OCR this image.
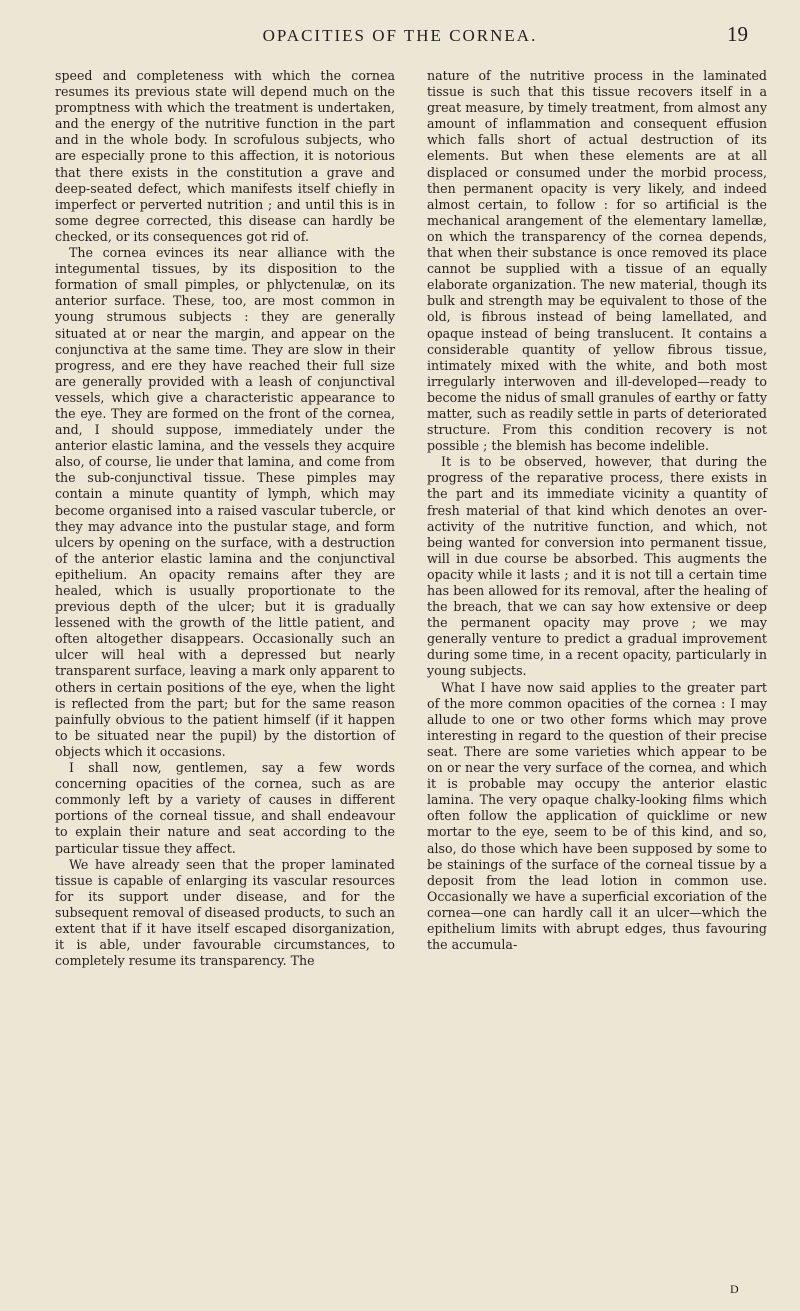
OPACITIES OF THE CORNEA.	19

speed and completeness with which the cornea resumes its previous state will depend much on the promptness with which the treatment is undertaken, and the energy of the nutritive function in the part and in the whole body. In scrofulous subjects, who are especially prone to this affection, it is notorious that there exists in the constitution a grave and deep-seated defect, which manifests itself chiefly in imperfect or perverted nutrition ; and until this is in some degree corrected, this disease can hardly be checked, or its consequences got rid of.

The cornea evinces its near alliance with the integumental tissues, by its disposition to the formation of small pimples, or phlyctenulæ, on its anterior surface. These, too, are most common in young strumous subjects : they are generally situated at or near the margin, and appear on the conjunctiva at the same time. They are slow in their progress, and ere they have reached their full size are generally provided with a leash of conjunctival vessels, which give a characteristic appearance to the eye. They are formed on the front of the cornea, and, I should suppose, immediately under the anterior elastic lamina, and the vessels they acquire also, of course, lie under that lamina, and come from the sub-conjunctival tissue. These pimples may contain a minute quantity of lymph, which may become organised into a raised vascular tubercle, or they may advance into the pustular stage, and form ulcers by opening on the surface, with a destruction of the anterior elastic lamina and the conjunctival epithelium. An opacity remains after they are healed, which is usually proportionate to the previous depth of the ulcer; but it is gradually lessened with the growth of the little patient, and often altogether disappears. Occasionally such an ulcer will heal with a depressed but nearly transparent surface, leaving a mark only apparent to others in certain positions of the eye, when the light is reflected from the part; but for the same reason painfully obvious to the patient himself (if it happen to be situated near the pupil) by the distortion of objects which it occasions.

I shall now, gentlemen, say a few words concerning opacities of the cornea, such as are commonly left by a variety of causes in different portions of the corneal tissue, and shall endeavour to explain their nature and seat according to the particular tissue they affect.

We have already seen that the proper laminated tissue is capable of enlarging its vascular resources for its support under disease, and for the subsequent removal of diseased products, to such an extent that if it have itself escaped disorganization, it is able, under favourable circumstances, to completely resume its transparency. The

nature of the nutritive process in the laminated tissue is such that this tissue recovers itself in a great measure, by timely treatment, from almost any amount of inflammation and consequent effusion which falls short of actual destruction of its elements. But when these elements are at all displaced or consumed under the morbid process, then permanent opacity is very likely, and indeed almost certain, to follow : for so artificial is the mechanical arangement of the elementary lamellæ, on which the transparency of the cornea depends, that when their substance is once removed its place cannot be supplied with a tissue of an equally elaborate organization. The new material, though its bulk and strength may be equivalent to those of the old, is fibrous instead of being lamellated, and opaque instead of being translucent. It contains a considerable quantity of yellow fibrous tissue, intimately mixed with the white, and both most irregularly interwoven and ill-developed—ready to become the nidus of small granules of earthy or fatty matter, such as readily settle in parts of deteriorated structure. From this condition recovery is not possible ; the blemish has become indelible.

It is to be observed, however, that during the progress of the reparative process, there exists in the part and its immediate vicinity a quantity of fresh material of that kind which denotes an over-activity of the nutritive function, and which, not being wanted for conversion into permanent tissue, will in due course be absorbed. This augments the opacity while it lasts ; and it is not till a certain time has been allowed for its removal, after the healing of the breach, that we can say how extensive or deep the permanent opacity may prove ; we may generally venture to predict a gradual improvement during some time, in a recent opacity, particularly in young subjects.

What I have now said applies to the greater part of the more common opacities of the cornea : I may allude to one or two other forms which may prove interesting in regard to the question of their precise seat. There are some varieties which appear to be on or near the very surface of the cornea, and which it is probable may occupy the anterior elastic lamina. The very opaque chalky-looking films which often follow the application of quicklime or new mortar to the eye, seem to be of this kind, and so, also, do those which have been supposed by some to be stainings of the surface of the corneal tissue by a deposit from the lead lotion in common use. Occasionally we have a superficial excoriation of the cornea—one can hardly call it an ulcer—which the epithelium limits with abrupt edges, thus favouring the accumula-

D
